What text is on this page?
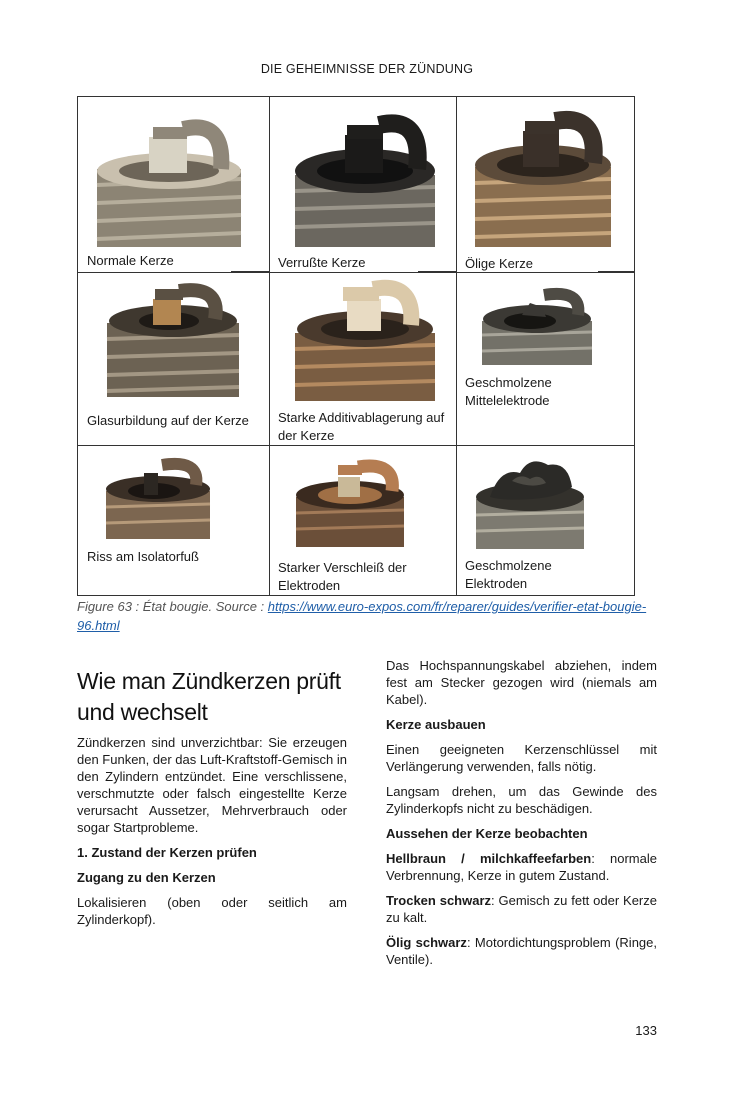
DIE GEHEIMNISSE DER ZÜNDUNG
Normale Kerze	Verrußte Kerze	Ölige Kerze
Glasurbildung auf der Kerze	Starke Additivablagerung auf der Kerze
Geschmolzene Mittelelektrode
Riss am Isolatorfuß
Starker Verschleiß der Elektroden
Geschmolzene Elektroden
Figure 63 : État bougie. Source : https://www.euro-expos.com/fr/reparer/guides/verifier-etat-bougie-96.html
Wie man Zündkerzen prüft und wechselt

Zündkerzen sind unverzichtbar: Sie erzeugen den Funken, der das Luft-Kraftstoff-Gemisch in den Zylindern entzündet. Eine verschlissene, verschmutzte oder falsch eingestellte Kerze verursacht Aussetzer, Mehrverbrauch oder sogar Startprobleme.

1. Zustand der Kerzen prüfen

Zugang zu den Kerzen

Lokalisieren (oben oder seitlich am Zylinderkopf).

Das Hochspannungskabel abziehen, indem fest am Stecker gezogen wird (niemals am Kabel).

Kerze ausbauen

Einen geeigneten Kerzenschlüssel mit Verlängerung verwenden, falls nötig.

Langsam drehen, um das Gewinde des Zylinderkopfs nicht zu beschädigen.

Aussehen der Kerze beobachten

Hellbraun / milchkaffeefarben: normale Verbrennung, Kerze in gutem Zustand.

Trocken schwarz: Gemisch zu fett oder Kerze zu kalt.

Ölig schwarz: Motordichtungsproblem (Ringe, Ventile).

133
